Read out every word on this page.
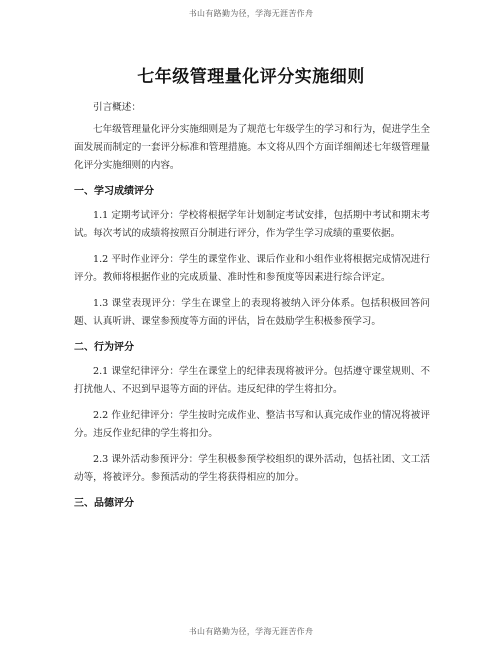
书山有路勤为径，学海无涯苦作舟
七年级管理量化评分实施细则

引言概述：

七年级管理量化评分实施细则是为了规范七年级学生的学习和行为，促进学生全面发展而制定的一套评分标准和管理措施。本文将从四个方面详细阐述七年级管理量化评分实施细则的内容。

一、学习成绩评分

1.1 定期考试评分：学校将根据学年计划制定考试安排，包括期中考试和期末考试。每次考试的成绩将按照百分制进行评分，作为学生学习成绩的重要依据。

1.2 平时作业评分：学生的课堂作业、课后作业和小组作业将根据完成情况进行评分。教师将根据作业的完成质量、准时性和参预度等因素进行综合评定。

1.3 课堂表现评分：学生在课堂上的表现将被纳入评分体系。包括积极回答问题、认真听讲、课堂参预度等方面的评估，旨在鼓励学生积极参预学习。

二、行为评分

2.1 课堂纪律评分：学生在课堂上的纪律表现将被评分。包括遵守课堂规则、不打扰他人、不迟到早退等方面的评估。违反纪律的学生将扣分。

2.2 作业纪律评分：学生按时完成作业、整洁书写和认真完成作业的情况将被评分。违反作业纪律的学生将扣分。

2.3 课外活动参预评分：学生积极参预学校组织的课外活动，包括社团、文工活动等，将被评分。参预活动的学生将获得相应的加分。

三、品德评分
书山有路勤为径，学海无涯苦作舟
